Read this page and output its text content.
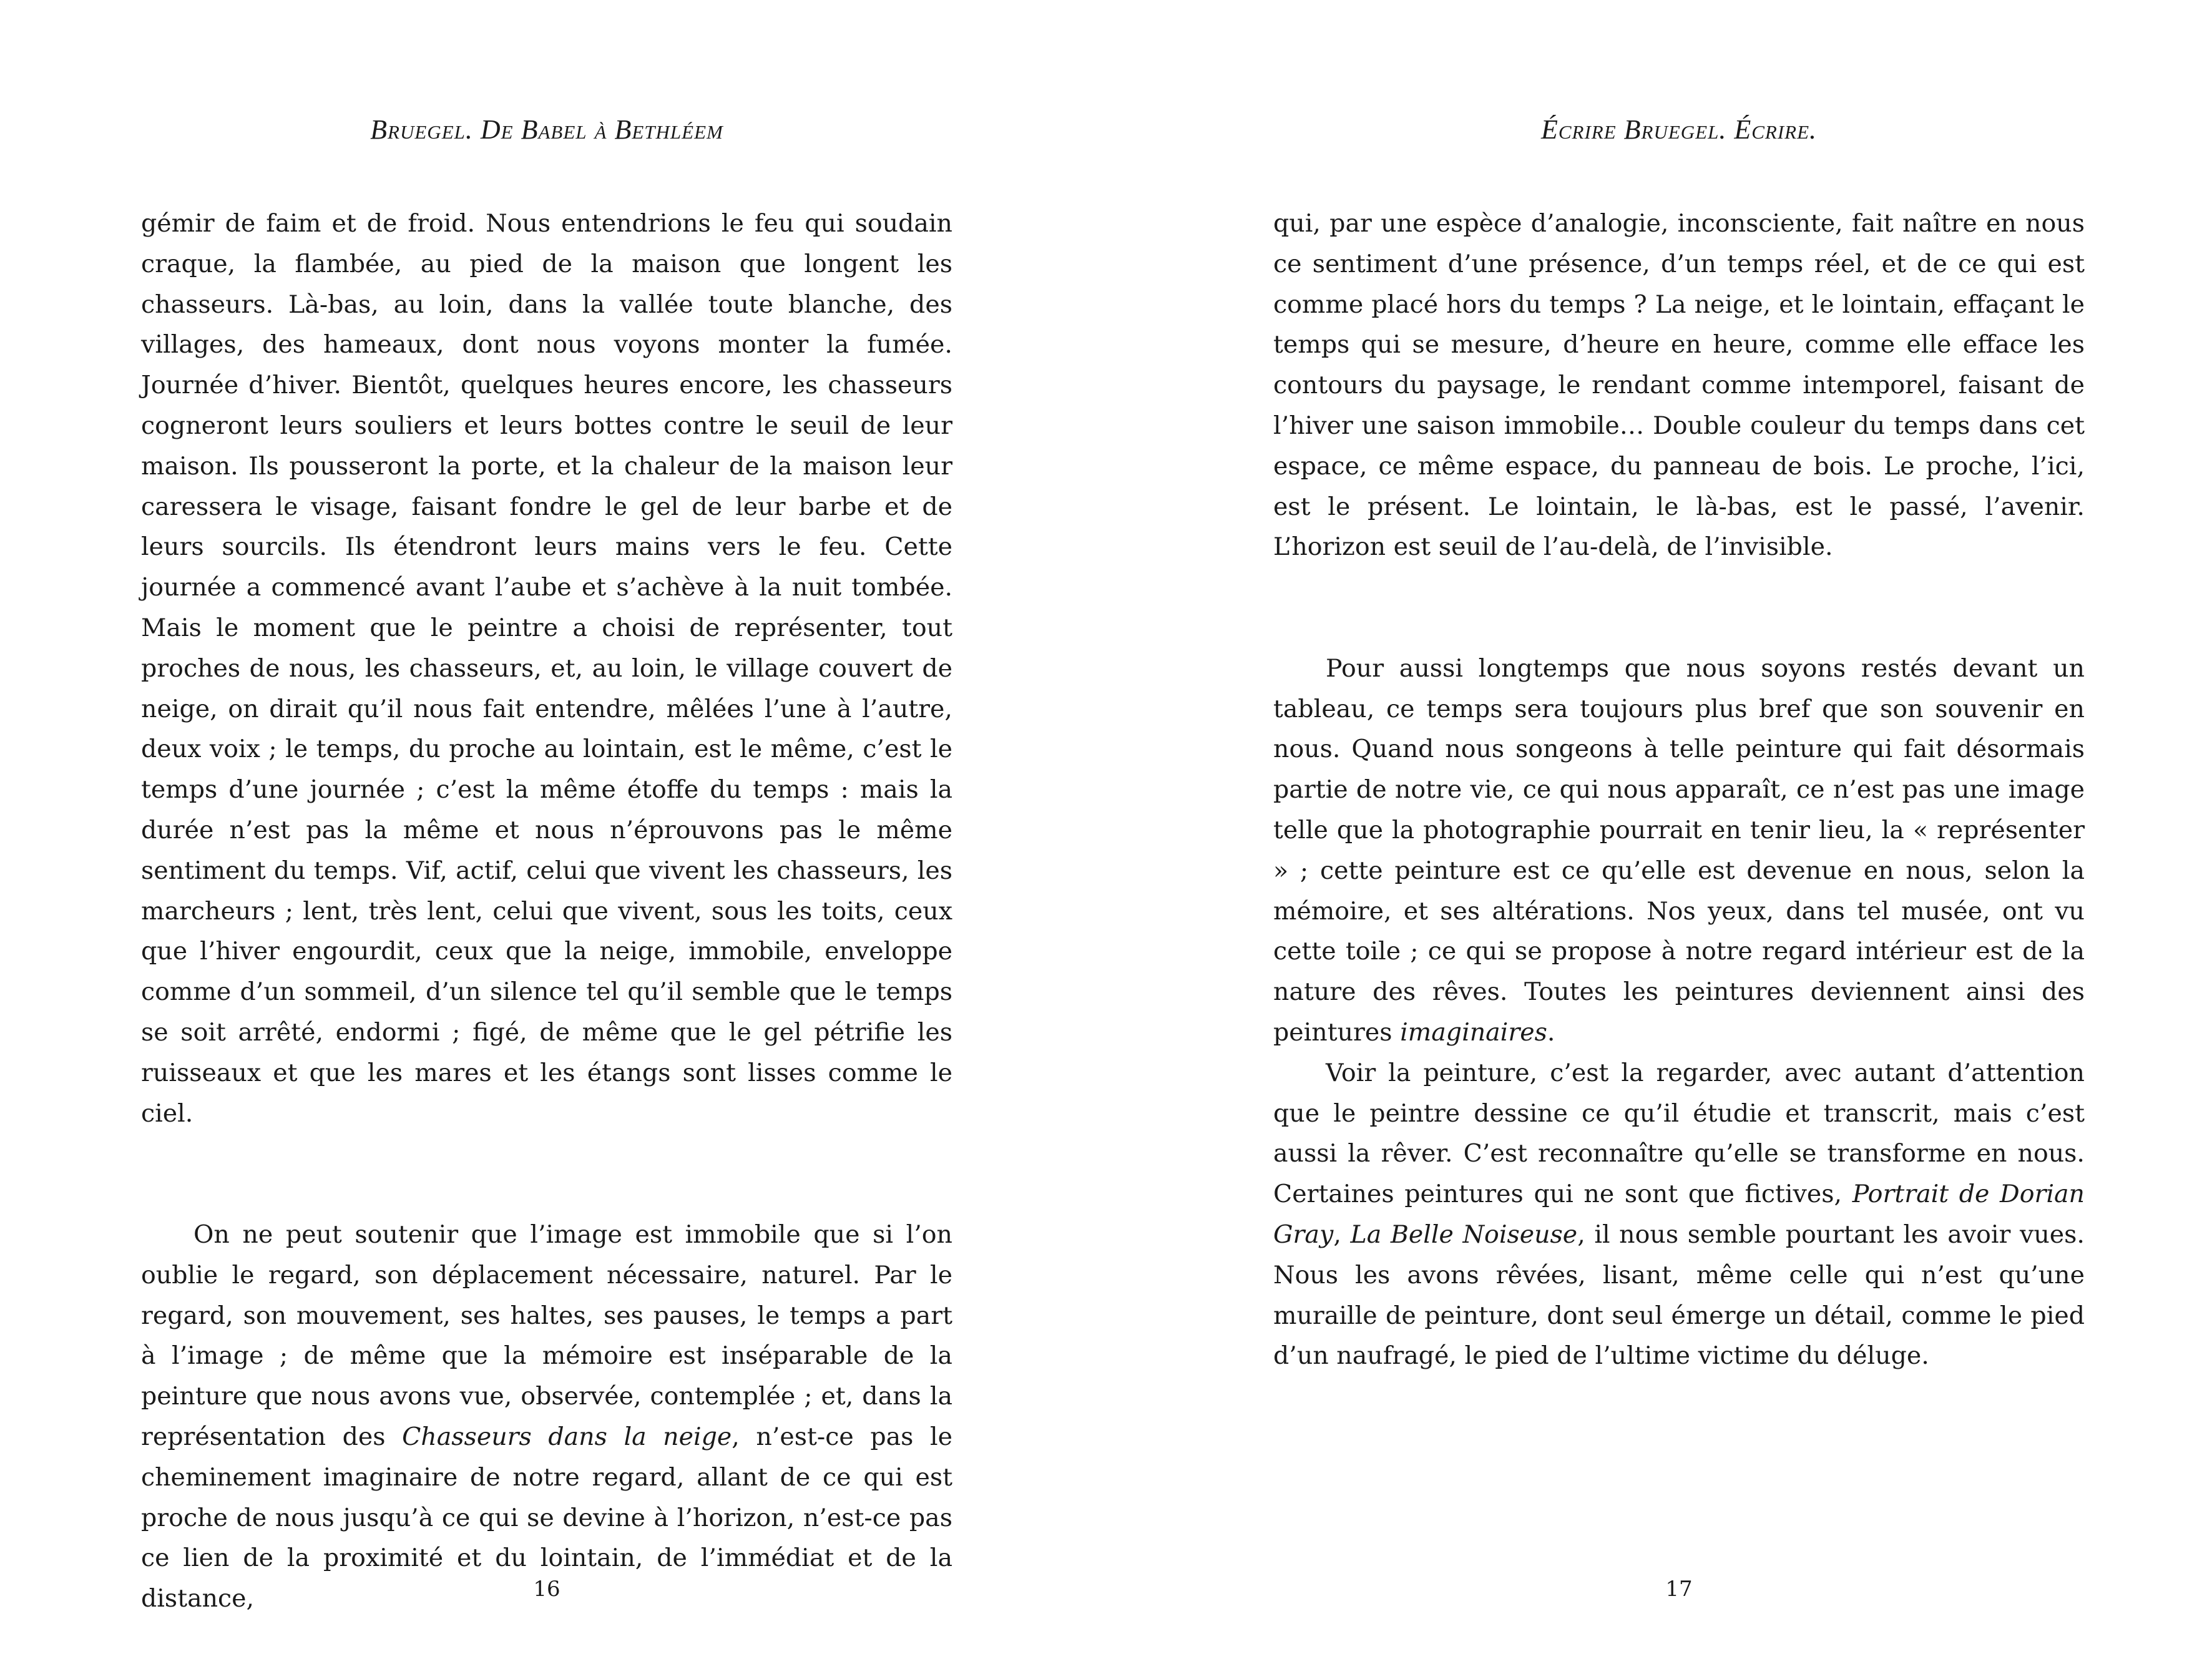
Bruegel. De Babel à Bethléem

gémir de faim et de froid. Nous entendrions le feu qui soudain craque, la flambée, au pied de la maison que longent les chasseurs. Là-bas, au loin, dans la vallée toute blanche, des villages, des hameaux, dont nous voyons monter la fumée. Journée d’hiver. Bientôt, quelques heures encore, les chasseurs cogneront leurs souliers et leurs bottes contre le seuil de leur maison. Ils pousseront la porte, et la chaleur de la maison leur caressera le visage, faisant fondre le gel de leur barbe et de leurs sourcils. Ils étendront leurs mains vers le feu. Cette journée a commencé avant l’aube et s’achève à la nuit tombée. Mais le moment que le peintre a choisi de représenter, tout proches de nous, les chasseurs, et, au loin, le village couvert de neige, on dirait qu’il nous fait entendre, mêlées l’une à l’autre, deux voix ; le temps, du proche au lointain, est le même, c’est le temps d’une journée ; c’est la même étoffe du temps : mais la durée n’est pas la même et nous n’éprouvons pas le même sentiment du temps. Vif, actif, celui que vivent les chasseurs, les marcheurs ; lent, très lent, celui que vivent, sous les toits, ceux que l’hiver engourdit, ceux que la neige, immobile, enveloppe comme d’un sommeil, d’un silence tel qu’il semble que le temps se soit arrêté, endormi ; figé, de même que le gel pétrifie les ruisseaux et que les mares et les étangs sont lisses comme le ciel.

On ne peut soutenir que l’image est immobile que si l’on oublie le regard, son déplacement nécessaire, naturel. Par le regard, son mouvement, ses haltes, ses pauses, le temps a part à l’image ; de même que la mémoire est inséparable de la peinture que nous avons vue, observée, contemplée ; et, dans la représentation des Chasseurs dans la neige, n’est-ce pas le cheminement imaginaire de notre regard, allant de ce qui est proche de nous jusqu’à ce qui se devine à l’horizon, n’est-ce pas ce lien de la proximité et du lointain, de l’immédiat et de la distance,	16
Écrire Bruegel. Écrire.

qui, par une espèce d’analogie, inconsciente, fait naître en nous ce sentiment d’une présence, d’un temps réel, et de ce qui est comme placé hors du temps ? La neige, et le lointain, effaçant le temps qui se mesure, d’heure en heure, comme elle efface les contours du paysage, le rendant comme intemporel, faisant de l’hiver une saison immobile… Double couleur du temps dans cet espace, ce même espace, du panneau de bois. Le proche, l’ici, est le présent. Le lointain, le là-bas, est le passé, l’avenir. L’horizon est seuil de l’au-delà, de l’invisible.

Pour aussi longtemps que nous soyons restés devant un tableau, ce temps sera toujours plus bref que son souvenir en nous. Quand nous songeons à telle peinture qui fait désormais partie de notre vie, ce qui nous apparaît, ce n’est pas une image telle que la photographie pourrait en tenir lieu, la « représenter » ; cette peinture est ce qu’elle est devenue en nous, selon la mémoire, et ses altérations. Nos yeux, dans tel musée, ont vu cette toile ; ce qui se propose à notre regard intérieur est de la nature des rêves. Toutes les peintures deviennent ainsi des peintures imaginaires.

Voir la peinture, c’est la regarder, avec autant d’attention que le peintre dessine ce qu’il étudie et transcrit, mais c’est aussi la rêver. C’est reconnaître qu’elle se transforme en nous. Certaines peintures qui ne sont que fictives, Portrait de Dorian Gray, La Belle Noiseuse, il nous semble pourtant les avoir vues. Nous les avons rêvées, lisant, même celle qui n’est qu’une muraille de peinture, dont seul émerge un détail, comme le pied d’un naufragé, le pied de l’ultime victime du déluge.

17
